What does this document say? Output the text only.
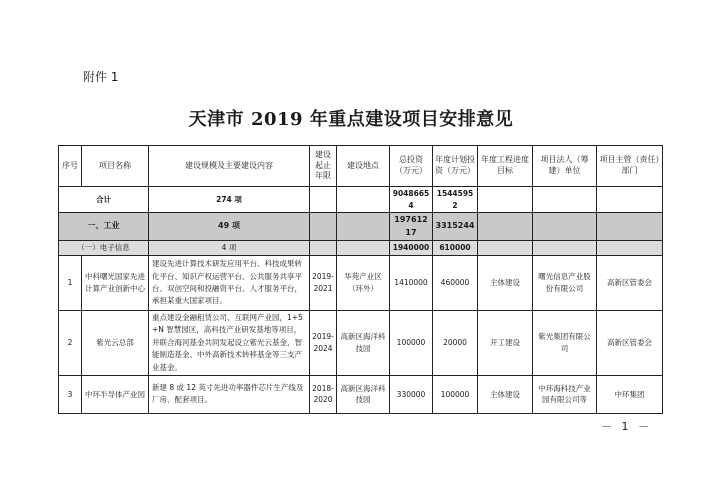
附件 1
天津市 2019 年重点建设项目安排意见
序号	项目名称	建设规模及主要建设内容	建设起止年限	建设地点	总投资（万元）	年度计划投资（万元）	年度工程进度目标	项目法人（筹建）单位	项目主管（责任）部门
合计		274 项			90486654	15445952			
一、工业		49 项			19761217	3315244			
（一）电子信息		4 项			1940000	610000			
1	中科曙光国家先进计算产业创新中心	建设先进计算技术研发应用平台、科技成果转化平台、知识产权运营平台、公共服务共享平台、双创空间和投融资平台、人才服务平台，承担某重大国家项目。	2019-2021	华苑产业区（环外）	1410000	460000	主体建设	曙光信息产业股份有限公司	高新区管委会
2	紫光云总部	重点建设金融租赁公司、互联网产业园，1+5+N 智慧园区，高科技产业研发基地等项目，并联合海河基金共同发起设立紫光云基金，智能制造基金、中外高新技术转移基金等三支产业基金。	2019-2024	高新区海洋科技园	100000	20000	开工建设	紫光集团有限公司	高新区管委会
3	中环半导体产业园	新建 8 或 12 英寸先进功率器件芯片生产线及厂房、配套项目。	2018-2020	高新区海洋科技园	330000	100000	主体建设	中环海科技产业园有限公司等	中环集团
－ 1 －
